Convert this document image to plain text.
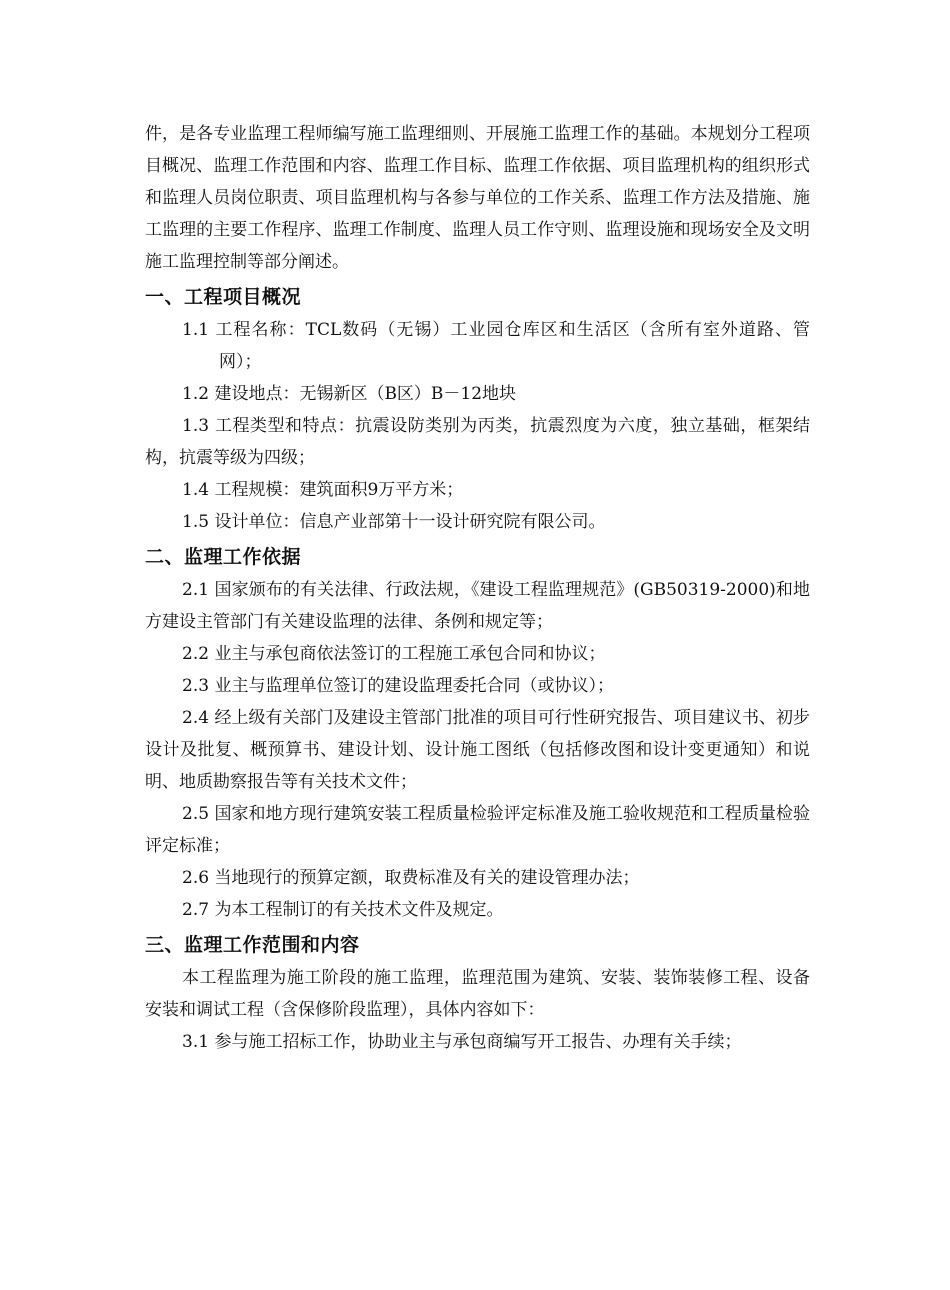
件，是各专业监理工程师编写施工监理细则、开展施工监理工作的基础。本规划分工程项目概况、监理工作范围和内容、监理工作目标、监理工作依据、项目监理机构的组织形式和监理人员岗位职责、项目监理机构与各参与单位的工作关系、监理工作方法及措施、施工监理的主要工作程序、监理工作制度、监理人员工作守则、监理设施和现场安全及文明施工监理控制等部分阐述。

一、工程项目概况

1.1 工程名称：TCL数码（无锡）工业园仓库区和生活区（含所有室外道路、管网）；

1.2 建设地点：无锡新区（B区）B－12地块

1.3 工程类型和特点：抗震设防类别为丙类，抗震烈度为六度，独立基础，框架结构，抗震等级为四级；

1.4 工程规模：建筑面积9万平方米；

1.5 设计单位：信息产业部第十一设计研究院有限公司。

二、监理工作依据

2.1 国家颁布的有关法律、行政法规，《建设工程监理规范》(GB50319-2000)和地方建设主管部门有关建设监理的法律、条例和规定等；

2.2 业主与承包商依法签订的工程施工承包合同和协议；

2.3 业主与监理单位签订的建设监理委托合同（或协议）；

2.4 经上级有关部门及建设主管部门批准的项目可行性研究报告、项目建议书、初步设计及批复、概预算书、建设计划、设计施工图纸（包括修改图和设计变更通知）和说明、地质勘察报告等有关技术文件；

2.5 国家和地方现行建筑安装工程质量检验评定标准及施工验收规范和工程质量检验评定标准；

2.6 当地现行的预算定额，取费标准及有关的建设管理办法；

2.7 为本工程制订的有关技术文件及规定。

三、监理工作范围和内容

本工程监理为施工阶段的施工监理，监理范围为建筑、安装、装饰装修工程、设备安装和调试工程（含保修阶段监理），具体内容如下：

3.1 参与施工招标工作，协助业主与承包商编写开工报告、办理有关手续；
